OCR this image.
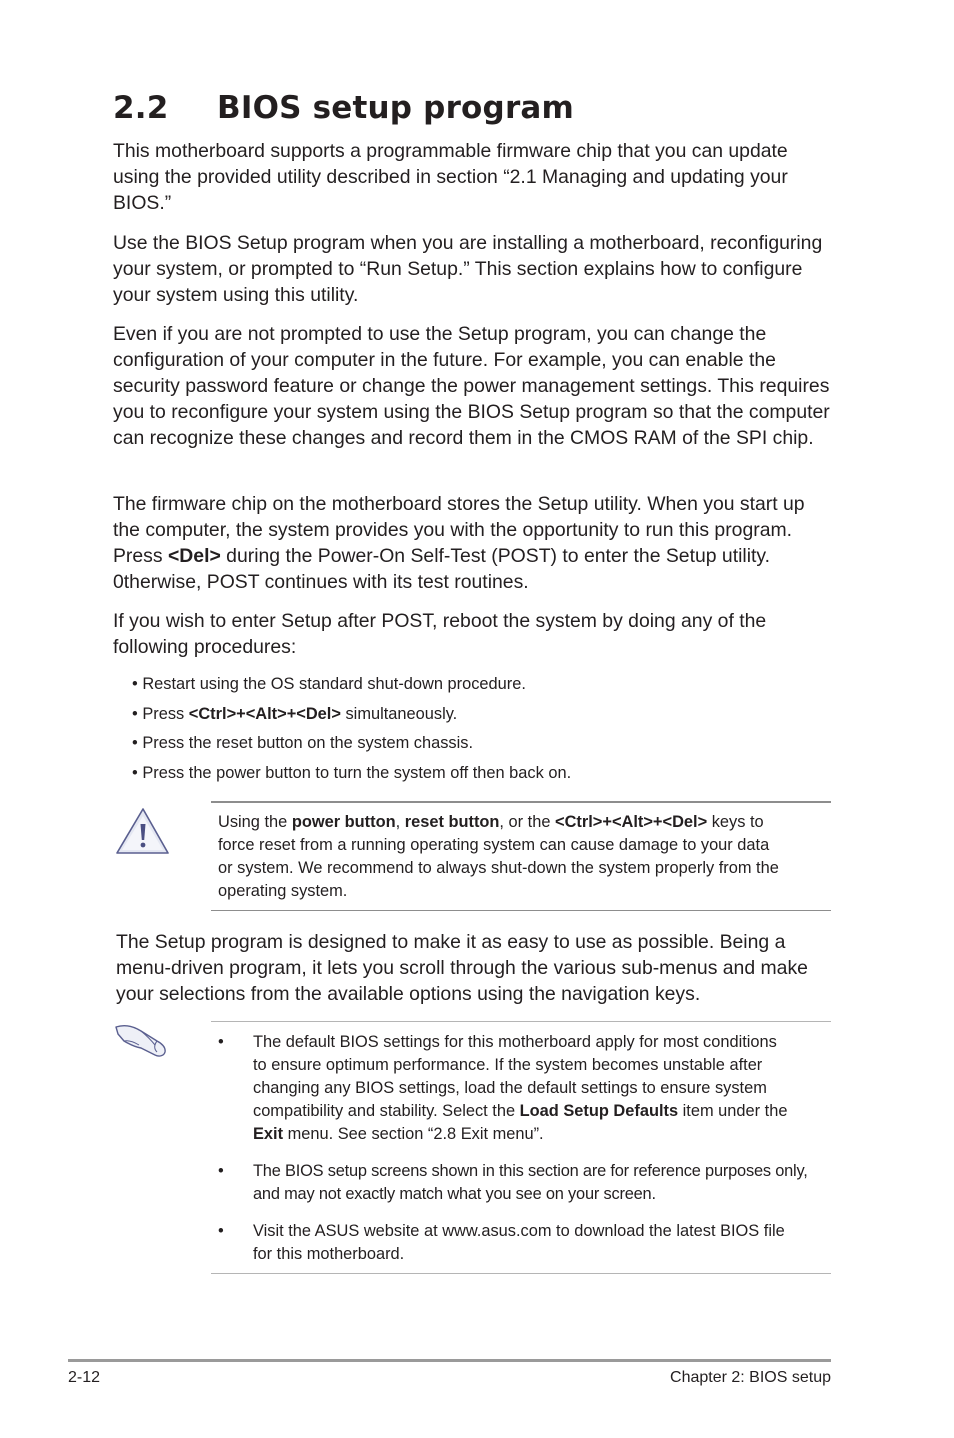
2.2 BIOS setup program

This motherboard supports a programmable firmware chip that you can update using the provided utility described in section “2.1 Managing and updating your BIOS.”

Use the BIOS Setup program when you are installing a motherboard, reconfiguring your system, or prompted to “Run Setup.” This section explains how to configure your system using this utility.

Even if you are not prompted to use the Setup program, you can change the configuration of your computer in the future. For example, you can enable the security password feature or change the power management settings. This requires you to reconfigure your system using the BIOS Setup program so that the computer can recognize these changes and record them in the CMOS RAM of the SPI chip.

The firmware chip on the motherboard stores the Setup utility. When you start up
the computer, the system provides you with the opportunity to run this program.
Press <Del> during the Power-On Self-Test (POST) to enter the Setup utility.
0therwise, POST continues with its test routines.

If you wish to enter Setup after POST, reboot the system by doing any of the following procedures:

• Restart using the OS standard shut-down procedure.
• Press <Ctrl>+<Alt>+<Del> simultaneously.
• Press the reset button on the system chassis.
• Press the power button to turn the system off then back on.
Using the power button, reset button, or the <Ctrl>+<Alt>+<Del> keys to
force reset from a running operating system can cause damage to your data
or system. We recommend to always shut-down the system properly from the
operating system.

The Setup program is designed to make it as easy to use as possible. Being a menu-driven program, it lets you scroll through the various sub-menus and make your selections from the available options using the navigation keys.

•	The default BIOS settings for this motherboard apply for most conditions
to ensure optimum performance. If the system becomes unstable after
changing any BIOS settings, load the default settings to ensure system
compatibility and stability. Select the Load Setup Defaults item under the
Exit menu. See section “2.8 Exit menu”.
•	The BIOS setup screens shown in this section are for reference purposes only,
and may not exactly match what you see on your screen.
•	Visit the ASUS website at www.asus.com to download the latest BIOS file
for this motherboard.
2-12	Chapter 2: BIOS setup
